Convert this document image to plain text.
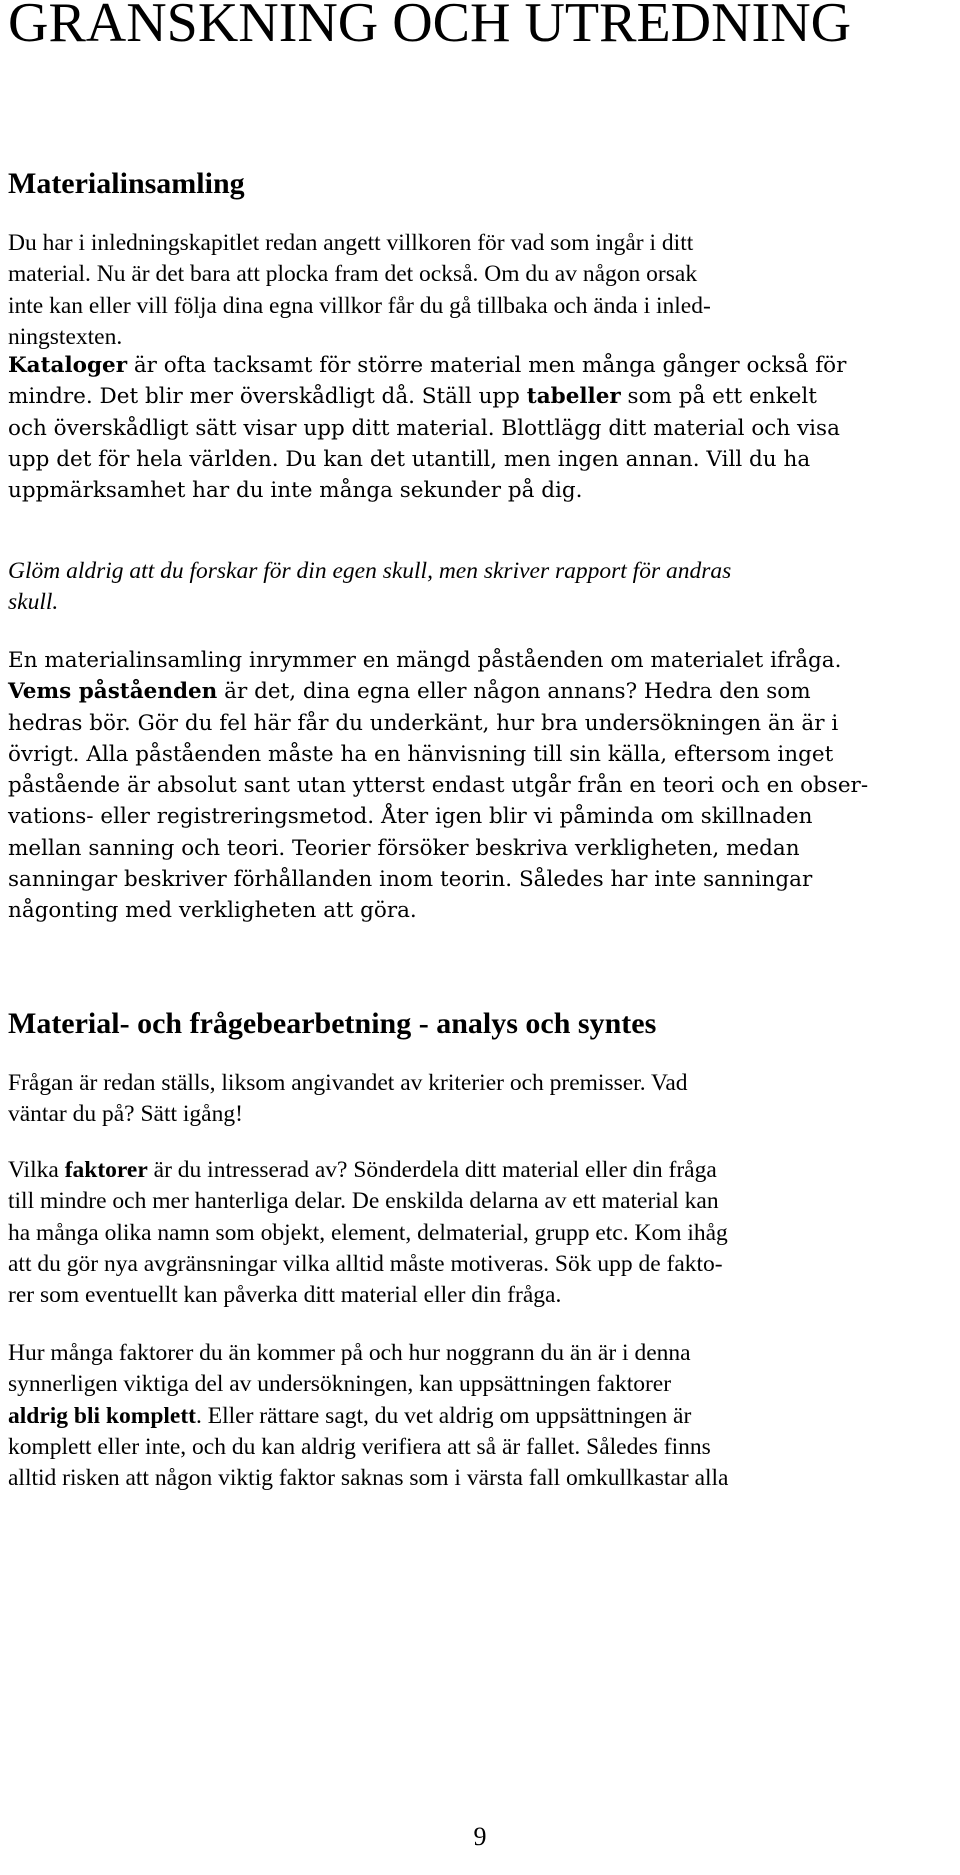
GRANSKNING OCH UTREDNING
Materialinsamling
Du har i inledningskapitlet redan angett villkoren för vad som ingår i ditt
material. Nu är det bara att plocka fram det också. Om du av någon orsak
inte kan eller vill följa dina egna villkor får du gå tillbaka och ända i inled-
ningstexten.
Kataloger är ofta tacksamt för större material men många gånger också för
mindre. Det blir mer överskådligt då. Ställ upp tabeller som på ett enkelt
och överskådligt sätt visar upp ditt material. Blottlägg ditt material och visa
upp det för hela världen. Du kan det utantill, men ingen annan. Vill du ha
uppmärksamhet har du inte många sekunder på dig.
Glöm aldrig att du forskar för din egen skull, men skriver rapport för andras
skull.
En materialinsamling inrymmer en mängd påståenden om materialet ifråga.
Vems påståenden är det, dina egna eller någon annans? Hedra den som
hedras bör. Gör du fel här får du underkänt, hur bra undersökningen än är i
övrigt. Alla påståenden måste ha en hänvisning till sin källa, eftersom inget
påstående är absolut sant utan ytterst endast utgår från en teori och en obser-
vations- eller registreringsmetod. Åter igen blir vi påminda om skillnaden
mellan sanning och teori. Teorier försöker beskriva verkligheten, medan
sanningar beskriver förhållanden inom teorin. Således har inte sanningar
någonting med verkligheten att göra.
Material- och frågebearbetning - analys och syntes
Frågan är redan ställs, liksom angivandet av kriterier och premisser. Vad
väntar du på? Sätt igång!
Vilka faktorer är du intresserad av? Sönderdela ditt material eller din fråga
till mindre och mer hanterliga delar. De enskilda delarna av ett material kan
ha många olika namn som objekt, element, delmaterial, grupp etc. Kom ihåg
att du gör nya avgränsningar vilka alltid måste motiveras. Sök upp de fakto-
rer som eventuellt kan påverka ditt material eller din fråga.
Hur många faktorer du än kommer på och hur noggrann du än är i denna
synnerligen viktiga del av undersökningen, kan uppsättningen faktorer
aldrig bli komplett. Eller rättare sagt, du vet aldrig om uppsättningen är
komplett eller inte, och du kan aldrig verifiera att så är fallet. Således finns
alltid risken att någon viktig faktor saknas som i värsta fall omkullkastar alla
9
